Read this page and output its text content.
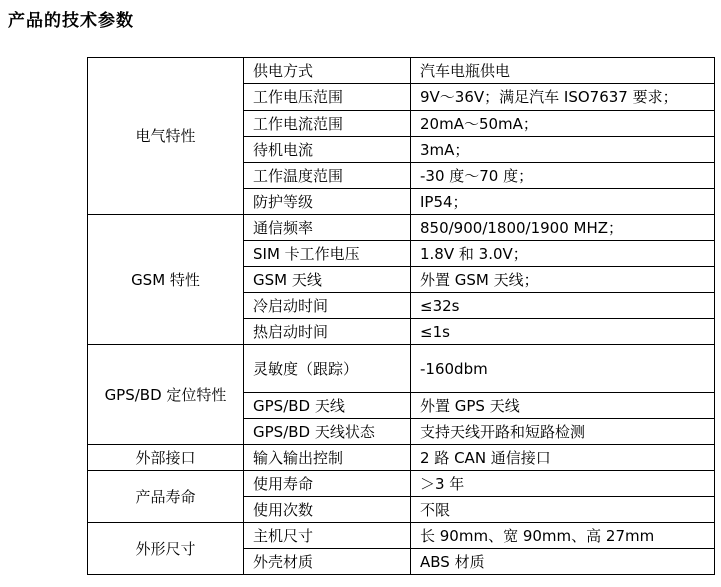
产品的技术参数
电气特性	供电方式	汽车电瓶供电
	工作电压范围	9V～36V；满足汽车 ISO7637 要求；
	工作电流范围	20mA～50mA；
	待机电流	3mA；
	工作温度范围	-30 度～70 度；
	防护等级	IP54；
GSM 特性	通信频率	850/900/1800/1900 MHZ；
	SIM 卡工作电压	1.8V 和 3.0V；
	GSM 天线	外置 GSM 天线；
	冷启动时间	≤32s
	热启动时间	≤1s
GPS/BD 定位特性	灵敏度（跟踪）	-160dbm
	GPS/BD 天线	外置 GPS 天线
	GPS/BD 天线状态	支持天线开路和短路检测
外部接口	输入输出控制	2 路 CAN 通信接口
产品寿命	使用寿命	＞3 年
	使用次数	不限
外形尺寸	主机尺寸	长 90mm、宽 90mm、高 27mm
	外壳材质	ABS 材质
